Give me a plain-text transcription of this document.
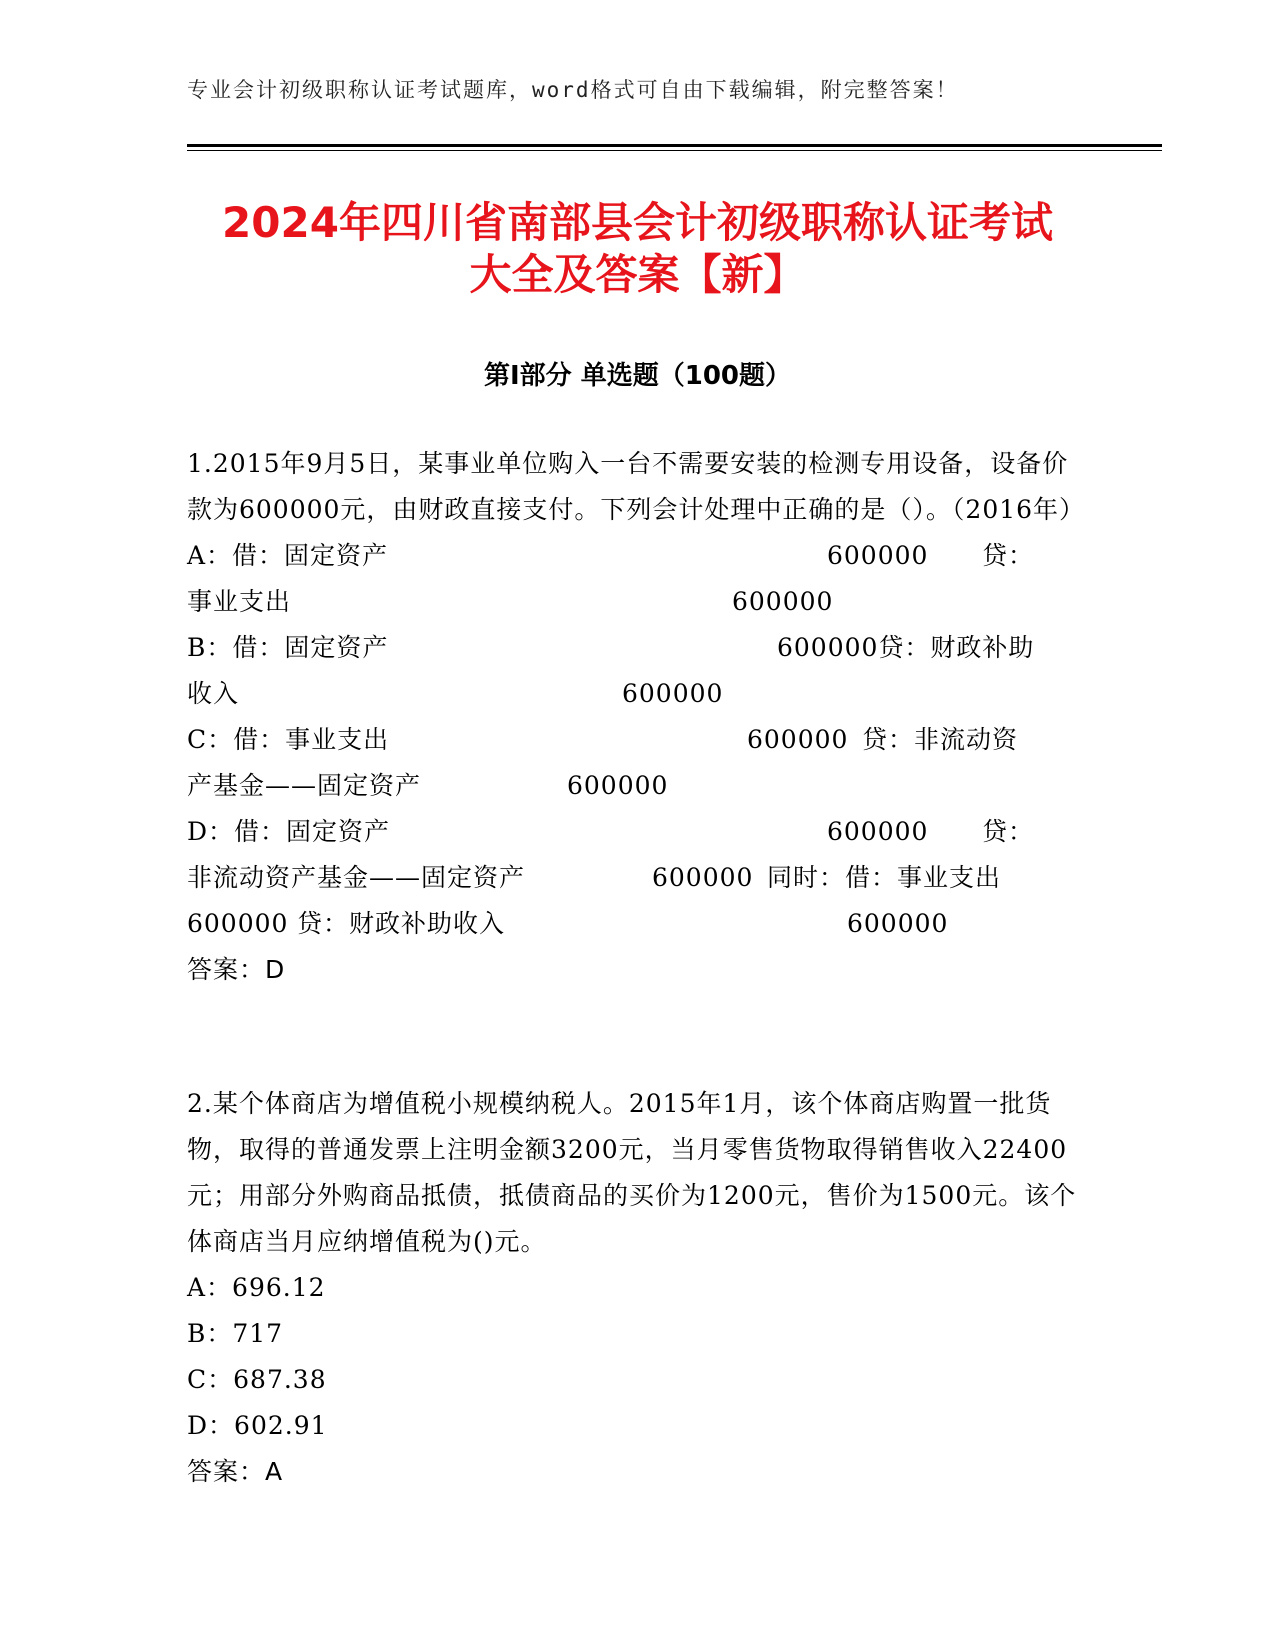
专业会计初级职称认证考试题库，word格式可自由下载编辑，附完整答案！
2024年四川省南部县会计初级职称认证考试
大全及答案【新】
第Ⅰ部分 单选题（100题）
1.2015年9月5日，某事业单位购入一台不需要安装的检测专用设备，设备价款为600000元，由财政直接支付。下列会计处理中正确的是（）。（2016年）
A：借：固定资产	600000 贷：
事业支出	600000
B：借：固定资产	600000贷：财政补助
收入	600000
C：借：事业支出	600000 贷：非流动资
产基金——固定资产	600000
D：借：固定资产	600000 贷：
非流动资产基金——固定资产	600000 同时：借：事业支出
600000 贷：财政补助收入	600000
答案：D
2.某个体商店为增值税小规模纳税人。2015年1月，该个体商店购置一批货物，取得的普通发票上注明金额3200元，当月零售货物取得销售收入22400元；用部分外购商品抵债，抵债商品的买价为1200元，售价为1500元。该个体商店当月应纳增值税为()元。
A：696.12
B：717
C：687.38
D：602.91
答案：A
